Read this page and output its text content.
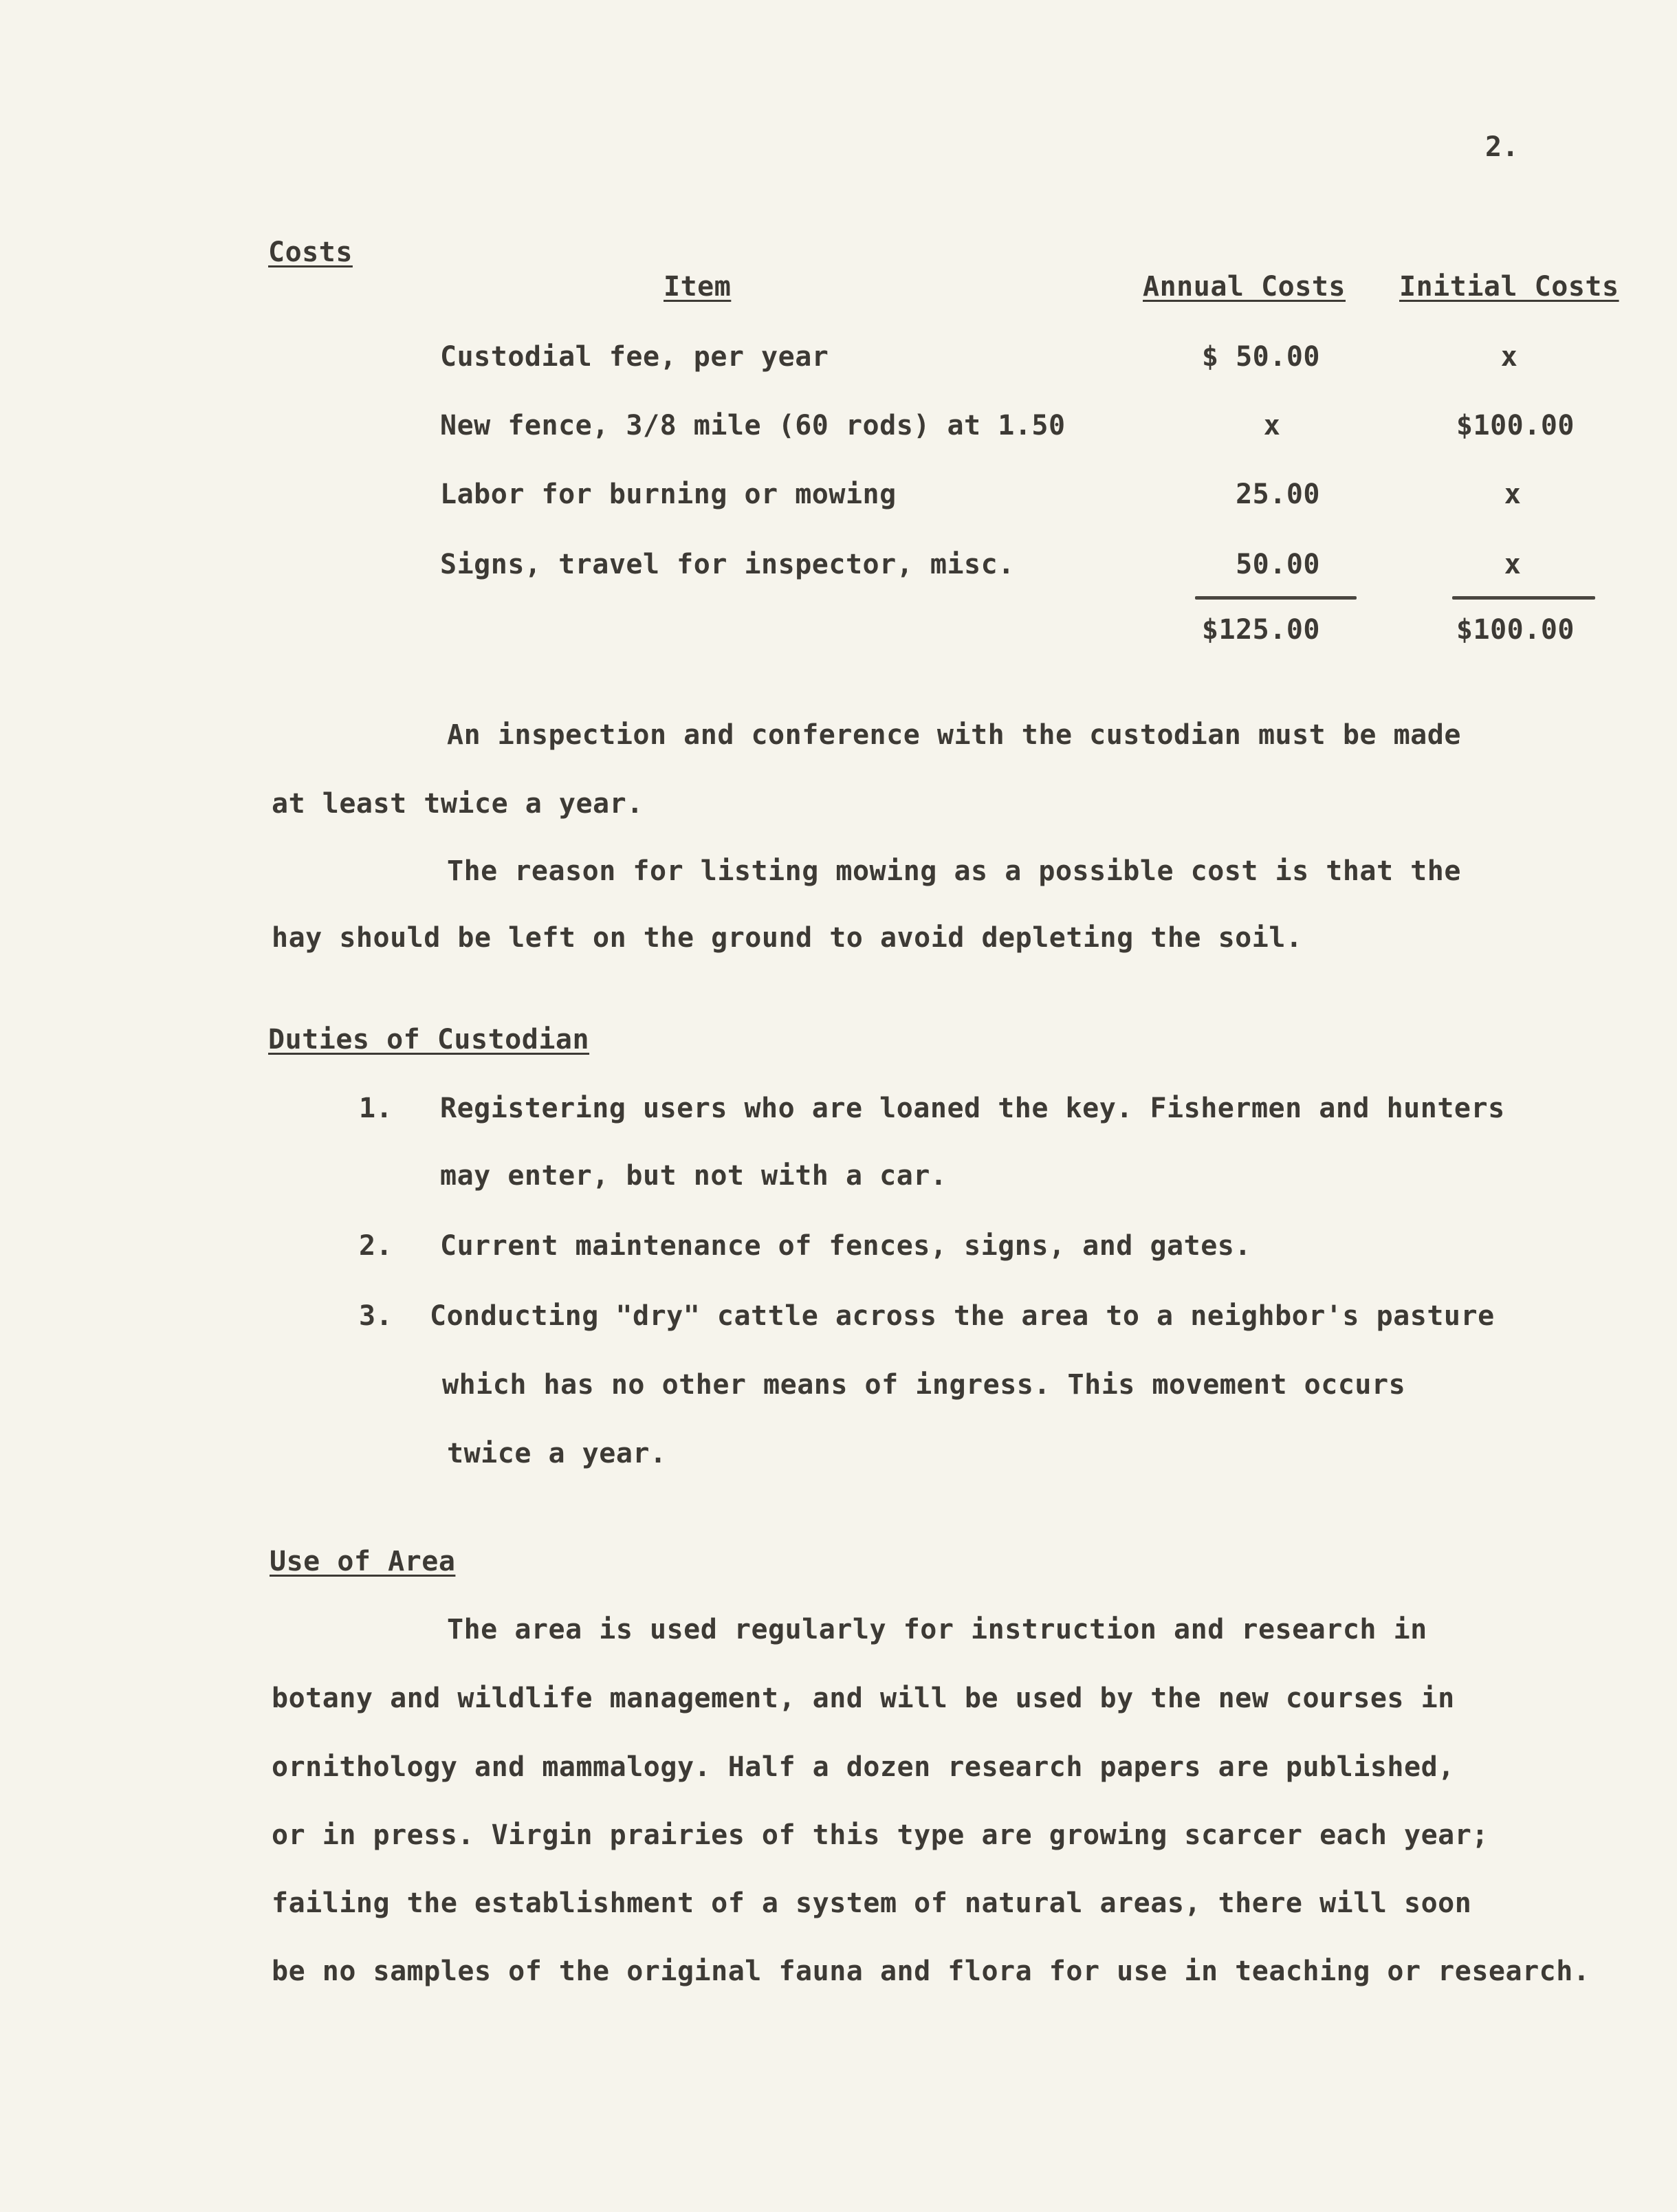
2.
Costs
Item	Annual Costs Initial Costs
Custodial fee, per year	$ 50.00	x
New fence, 3/8 mile (60 rods) at 1.50	x	$100.00
Labor for burning or mowing	25.00	x
Signs, travel for inspector, misc.	50.00	x
$125.00	$100.00
An inspection and conference with the custodian must be made
at least twice a year.
The reason for listing mowing as a possible cost is that the
hay should be left on the ground to avoid depleting the soil.
Duties of Custodian
1. Registering users who are loaned the key. Fishermen and hunters
may enter, but not with a car.
2. Current maintenance of fences, signs, and gates.
3. Conducting "dry" cattle across the area to a neighbor's pasture
which has no other means of ingress. This movement occurs
twice a year.
Use of Area
The area is used regularly for instruction and research in
botany and wildlife management, and will be used by the new courses in
ornithology and mammalogy. Half a dozen research papers are published,
or in press. Virgin prairies of this type are growing scarcer each year;
failing the establishment of a system of natural areas, there will soon
be no samples of the original fauna and flora for use in teaching or research.
